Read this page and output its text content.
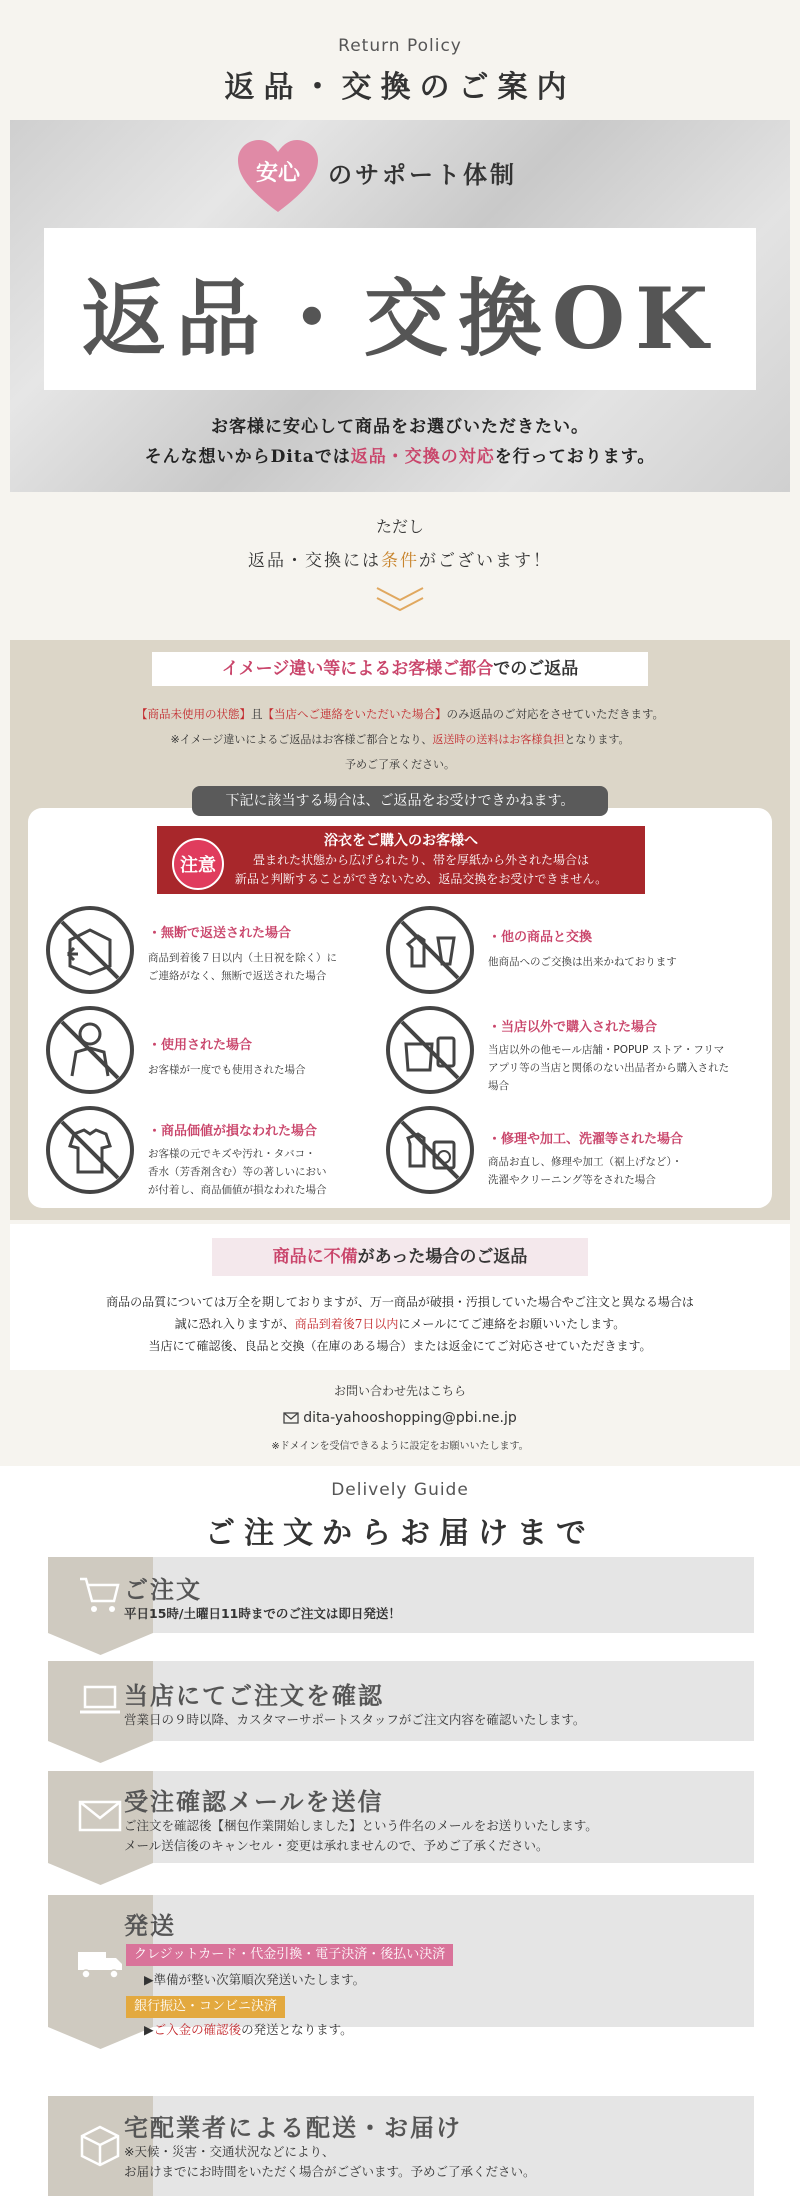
Return Policy
返品・交換のご案内
安心	のサポート体制
返品・交換OK
お客様に安心して商品をお選びいただきたい。
そんな想いからDitaでは返品・交換の対応を行っております。
ただし
返品・交換には条件がございます！
イメージ違い等によるお客様ご都合でのご返品
【商品未使用の状態】且【当店へご連絡をいただいた場合】のみ返品のご対応をさせていただきます。
※イメージ違いによるご返品はお客様ご都合となり、返送時の送料はお客様負担となります。
予めご了承ください。
下記に該当する場合は、ご返品をお受けできかねます。
浴衣をご購入のお客様へ
畳まれた状態から広げられたり、帯を厚紙から外された場合は
新品と判断することができないため、返品交換をお受けできません。
注意
・無断で返送された場合
商品到着後７日以内（土日祝を除く）に
ご連絡がなく、無断で返送された場合
・他の商品と交換
他商品へのご交換は出来かねております
・使用された場合
お客様が一度でも使用された場合
・当店以外で購入された場合
当店以外の他モール店舗・POPUP ストア・フリマ
アプリ等の当店と関係のない出品者から購入された
場合
・商品価値が損なわれた場合
お客様の元でキズや汚れ・タバコ・
香水（芳香剤含む）等の著しいにおい
が付着し、商品価値が損なわれた場合
・修理や加工、洗濯等された場合
商品お直し、修理や加工（裾上げなど）・
洗濯やクリーニング等をされた場合
商品に不備があった場合のご返品
商品の品質については万全を期しておりますが、万一商品が破損・汚損していた場合やご注文と異なる場合は
誠に恐れ入りますが、商品到着後7日以内にメールにてご連絡をお願いいたします。
当店にて確認後、良品と交換（在庫のある場合）または返金にてご対応させていただきます。
お問い合わせ先はこちら
dita-yahooshopping@pbi.ne.jp
※ドメインを受信できるように設定をお願いいたします。
Delively Guide
ご注文からお届けまで
ご注文
平日15時/土曜日11時までのご注文は即日発送！
当店にてご注文を確認
営業日の９時以降、カスタマーサポートスタッフがご注文内容を確認いたします。
受注確認メールを送信
ご注文を確認後【梱包作業開始しました】という件名のメールをお送りいたします。
メール送信後のキャンセル・変更は承れませんので、予めご了承ください。
発送
クレジットカード・代金引換・電子決済・後払い決済
▶準備が整い次第順次発送いたします。
銀行振込・コンビニ決済
▶ご入金の確認後の発送となります。
宅配業者による配送・お届け
※天候・災害・交通状況などにより、
お届けまでにお時間をいただく場合がございます。予めご了承ください。
